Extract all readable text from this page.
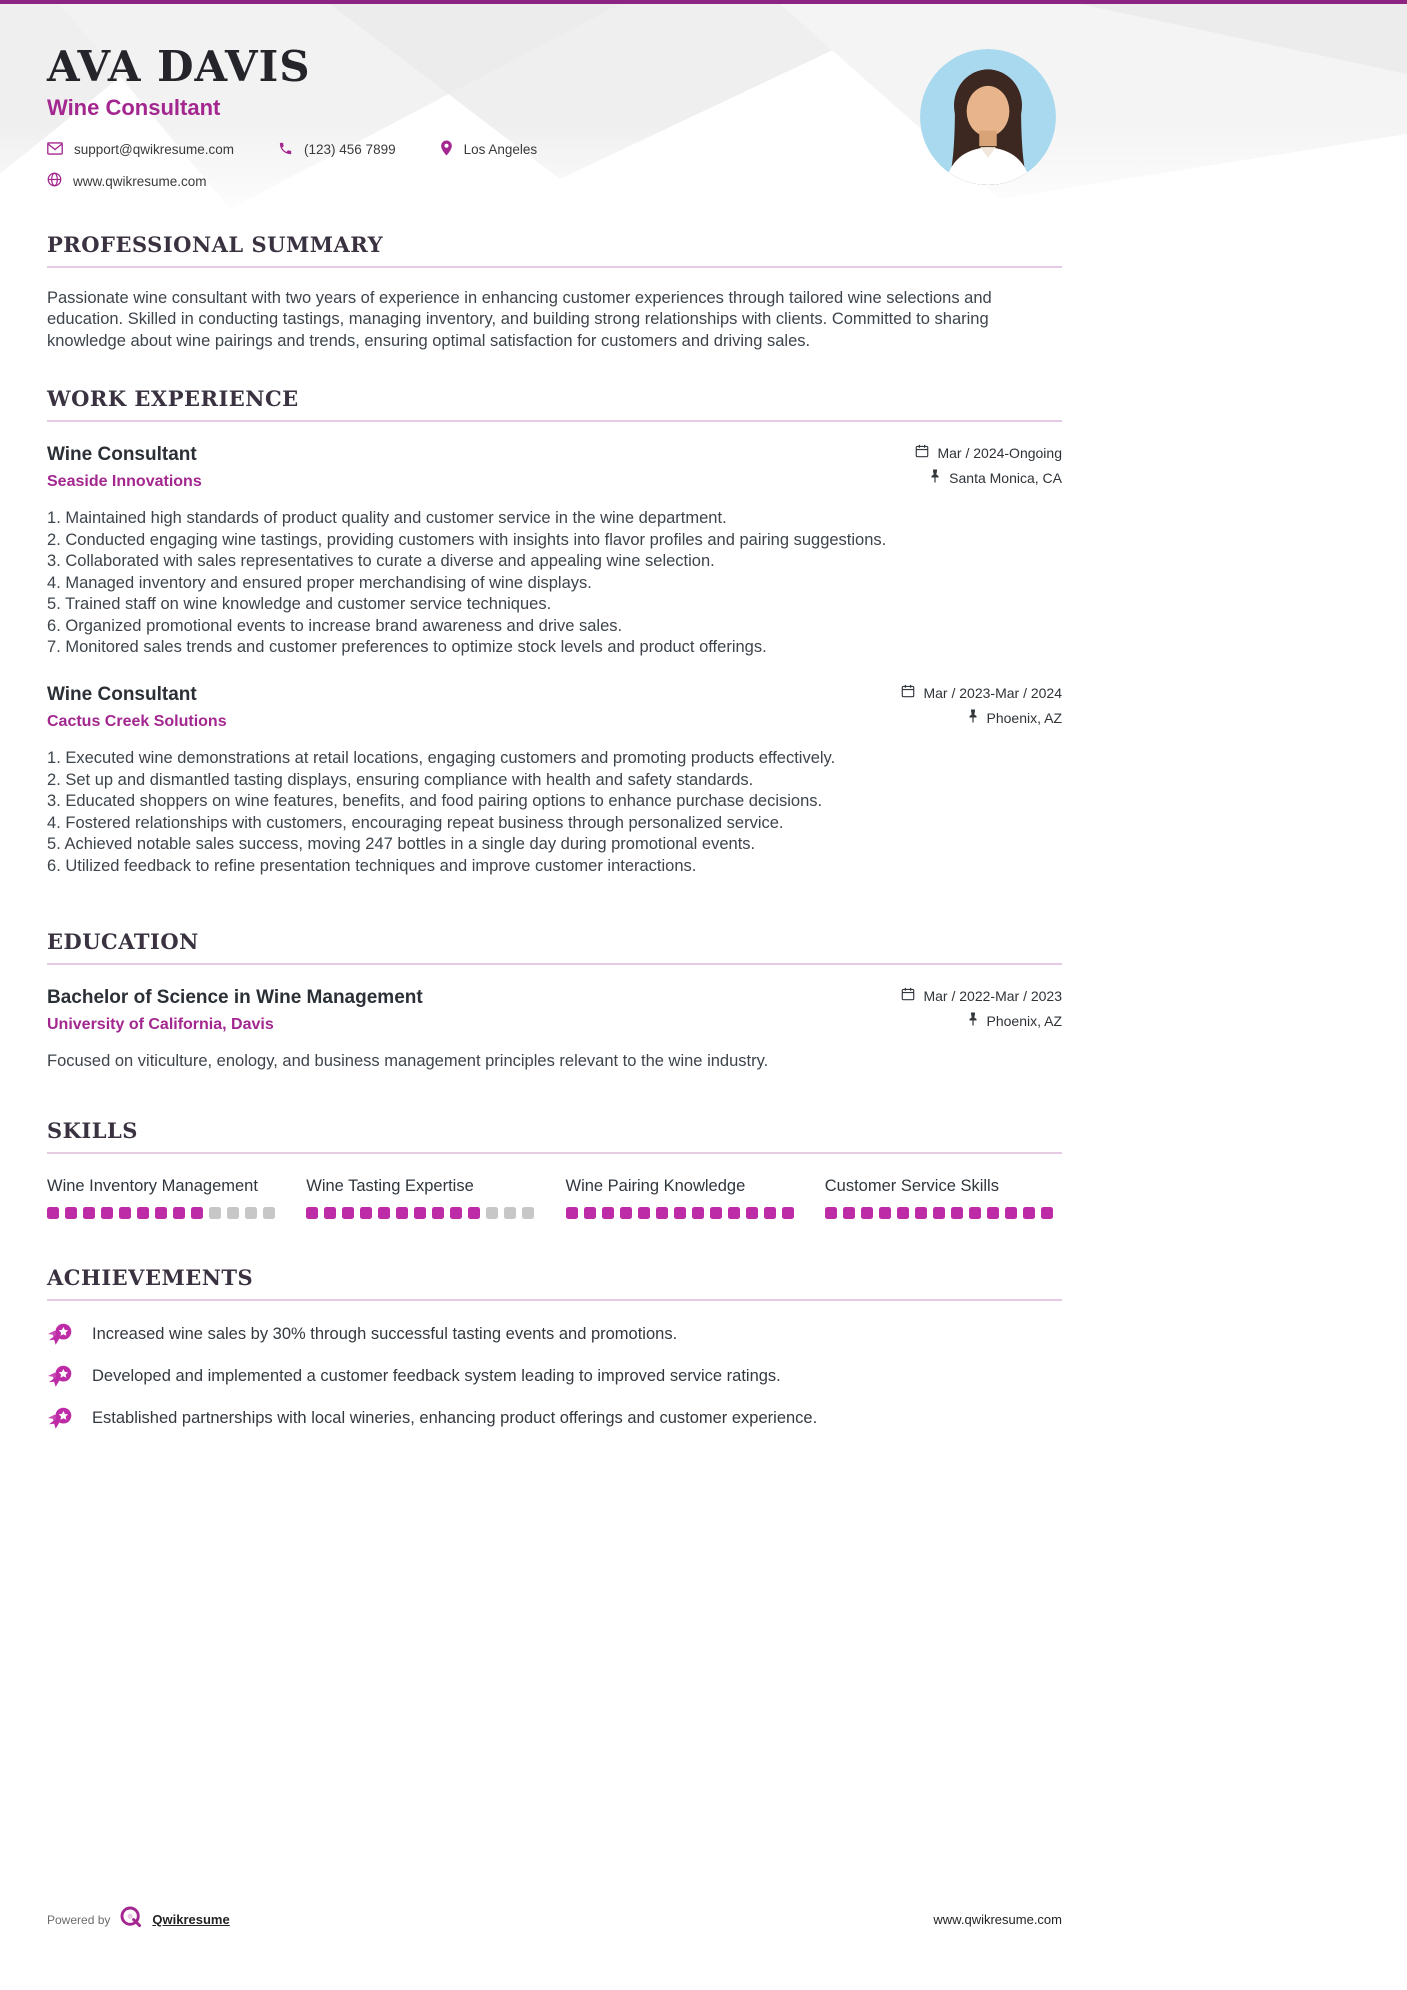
AVA DAVIS
Wine Consultant
support@qwikresume.com	(123) 456 7899	Los Angeles
www.qwikresume.com
PROFESSIONAL SUMMARY

Passionate wine consultant with two years of experience in enhancing customer experiences through tailored wine selections and education. Skilled in conducting tastings, managing inventory, and building strong relationships with clients. Committed to sharing knowledge about wine pairings and trends, ensuring optimal satisfaction for customers and driving sales.

WORK EXPERIENCE
Wine Consultant
Seaside Innovations
Mar / 2024-Ongoing
Santa Monica, CA
Maintained high standards of product quality and customer service in the wine department.
Conducted engaging wine tastings, providing customers with insights into flavor profiles and pairing suggestions.
Collaborated with sales representatives to curate a diverse and appealing wine selection.
Managed inventory and ensured proper merchandising of wine displays.
Trained staff on wine knowledge and customer service techniques.
Organized promotional events to increase brand awareness and drive sales.
Monitored sales trends and customer preferences to optimize stock levels and product offerings.
Wine Consultant
Cactus Creek Solutions
Mar / 2023-Mar / 2024
Phoenix, AZ
Executed wine demonstrations at retail locations, engaging customers and promoting products effectively.
Set up and dismantled tasting displays, ensuring compliance with health and safety standards.
Educated shoppers on wine features, benefits, and food pairing options to enhance purchase decisions.
Fostered relationships with customers, encouraging repeat business through personalized service.
Achieved notable sales success, moving 247 bottles in a single day during promotional events.
Utilized feedback to refine presentation techniques and improve customer interactions.
EDUCATION
Bachelor of Science in Wine Management
University of California, Davis
Mar / 2022-Mar / 2023
Phoenix, AZ

Focused on viticulture, enology, and business management principles relevant to the wine industry.

SKILLS
Wine Inventory Management	Wine Tasting Expertise	Wine Pairing Knowledge	Customer Service Skills
ACHIEVEMENTS
Increased wine sales by 30% through successful tasting events and promotions.
Developed and implemented a customer feedback system leading to improved service ratings.
Established partnerships with local wineries, enhancing product offerings and customer experience.
Powered by	Qwikresume	www.qwikresume.com
